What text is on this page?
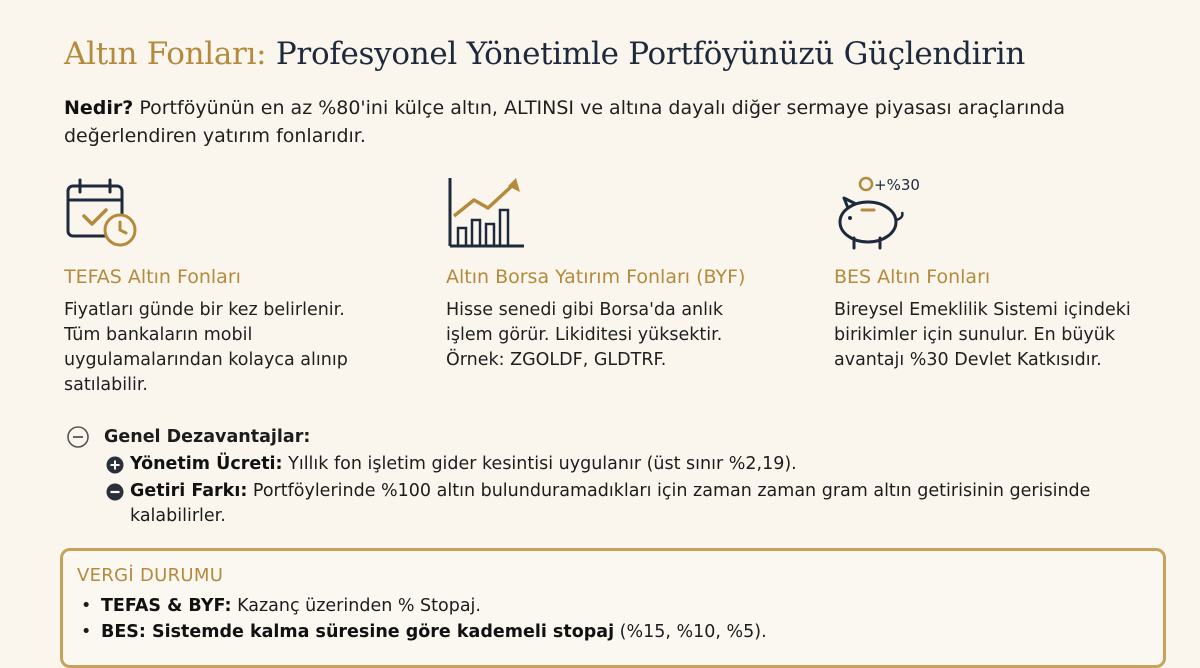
Altın Fonları: Profesyonel Yönetimle Portföyünüzü Güçlendirin
Nedir? Portföyünün en az %80'ini külçe altın, ALTINSI ve altına dayalı diğer sermaye piyasası araçlarında değerlendiren yatırım fonlarıdır.
TEFAS Altın Fonları

Fiyatları günde bir kez belirlenir. Tüm bankaların mobil uygulamalarından kolayca alınıp satılabilir.

Altın Borsa Yatırım Fonları (BYF)

Hisse senedi gibi Borsa'da anlık işlem görür. Likiditesi yüksektir. Örnek: ZGOLDF, GLDTRF.

+%30
BES Altın Fonları

Bireysel Emeklilik Sistemi içindeki birikimler için sunulur. En büyük avantajı %30 Devlet Katkısıdır.

Genel Dezavantajlar:
Yönetim Ücreti: Yıllık fon işletim gider kesintisi uygulanır (üst sınır %2,19).
Getiri Farkı: Portföylerinde %100 altın bulunduramadıkları için zaman zaman gram altın getirisinin gerisinde kalabilirler.
VERGİ DURUMU
• TEFAS & BYF: Kazanç üzerinden % Stopaj.
• BES: Sistemde kalma süresine göre kademeli stopaj (%15, %10, %5).
